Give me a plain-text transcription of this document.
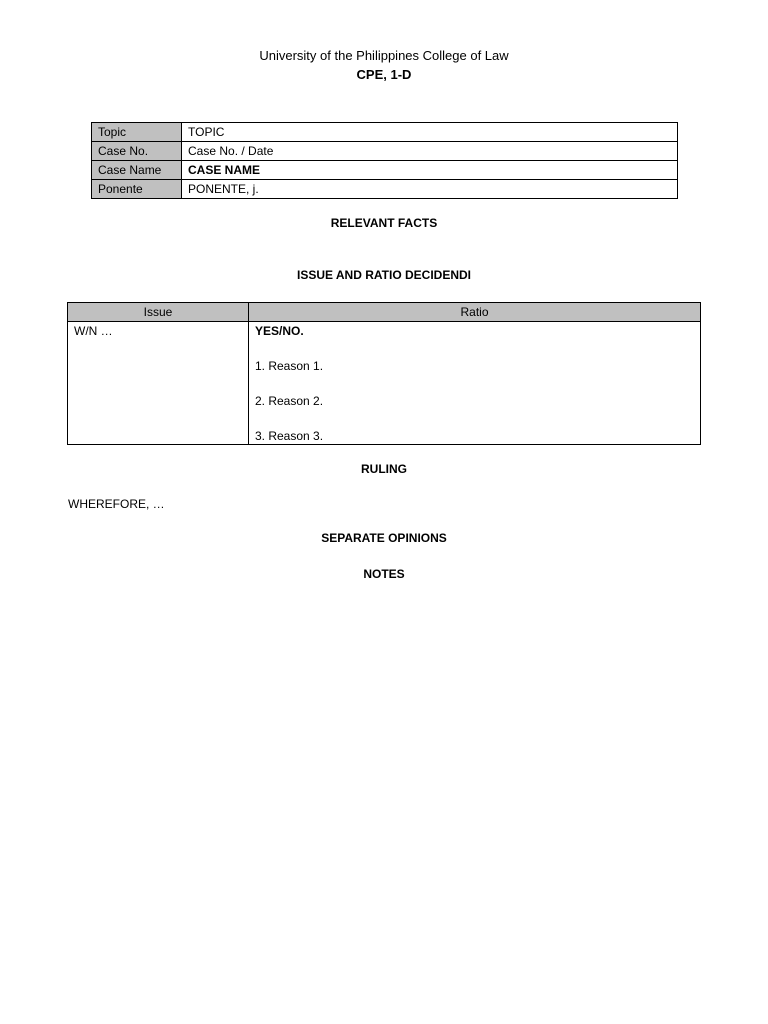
University of the Philippines College of Law
CPE, 1-D
Topic	TOPIC
Case No.	Case No. / Date
Case Name	CASE NAME
Ponente	PONENTE, j.
RELEVANT FACTS
ISSUE AND RATIO DECIDENDI
Issue	Ratio
W/N …	YES/NO.

1. Reason 1.

2. Reason 2.

3. Reason 3.

RULING
WHEREFORE, …
SEPARATE OPINIONS
NOTES
